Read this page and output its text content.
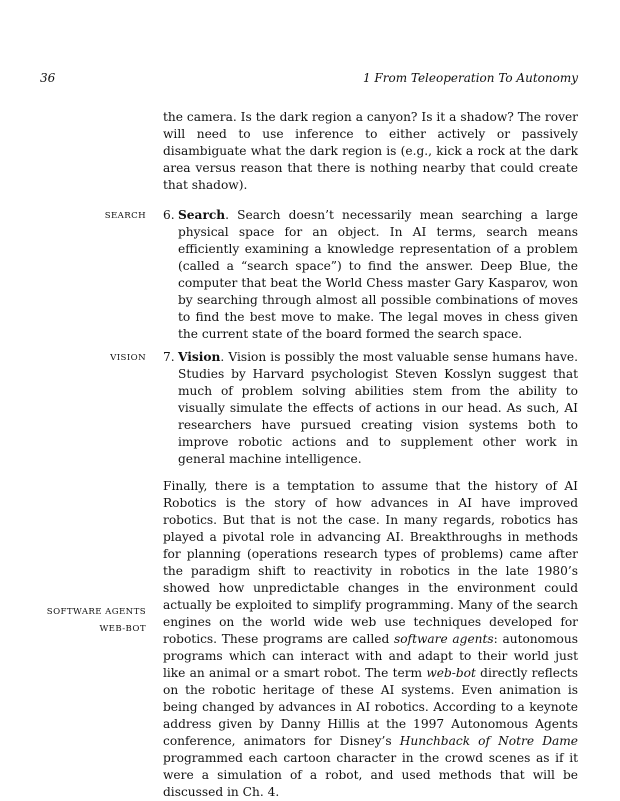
36	1 From Teleoperation To Autonomy

the camera. Is the dark region a canyon? Is it a shadow? The rover will need to use inference to either actively or passively disambiguate what the dark region is (e.g., kick a rock at the dark area versus reason that there is nothing nearby that could create that shadow).

SEARCH 6. Search. Search doesn’t necessarily mean searching a large physical space for an object. In AI terms, search means efficiently examining a knowledge representation of a problem (called a “search space”) to find the answer. Deep Blue, the computer that beat the World Chess master Gary Kasparov, won by searching through almost all possible combinations of moves to find the best move to make. The legal moves in chess given the current state of the board formed the search space.
VISION 7. Vision. Vision is possibly the most valuable sense humans have. Studies by Harvard psychologist Steven Kosslyn suggest that much of problem solving abilities stem from the ability to visually simulate the effects of actions in our head. As such, AI researchers have pursued creating vision systems both to improve robotic actions and to supplement other work in general machine intelligence.
SOFTWARE AGENTS
WEB-BOT

Finally, there is a temptation to assume that the history of AI Robotics is the story of how advances in AI have improved robotics. But that is not the case. In many regards, robotics has played a pivotal role in advancing AI. Breakthroughs in methods for planning (operations research types of problems) came after the paradigm shift to reactivity in robotics in the late 1980’s showed how unpredictable changes in the environment could actually be exploited to simplify programming. Many of the search engines on the world wide web use techniques developed for robotics. These programs are called software agents: autonomous programs which can interact with and adapt to their world just like an animal or a smart robot. The term web-bot directly reflects on the robotic heritage of these AI systems. Even animation is being changed by advances in AI robotics. According to a keynote address given by Danny Hillis at the 1997 Autonomous Agents conference, animators for Disney’s Hunchback of Notre Dame programmed each cartoon character in the crowd scenes as if it were a simulation of a robot, and used methods that will be discussed in Ch. 4.
